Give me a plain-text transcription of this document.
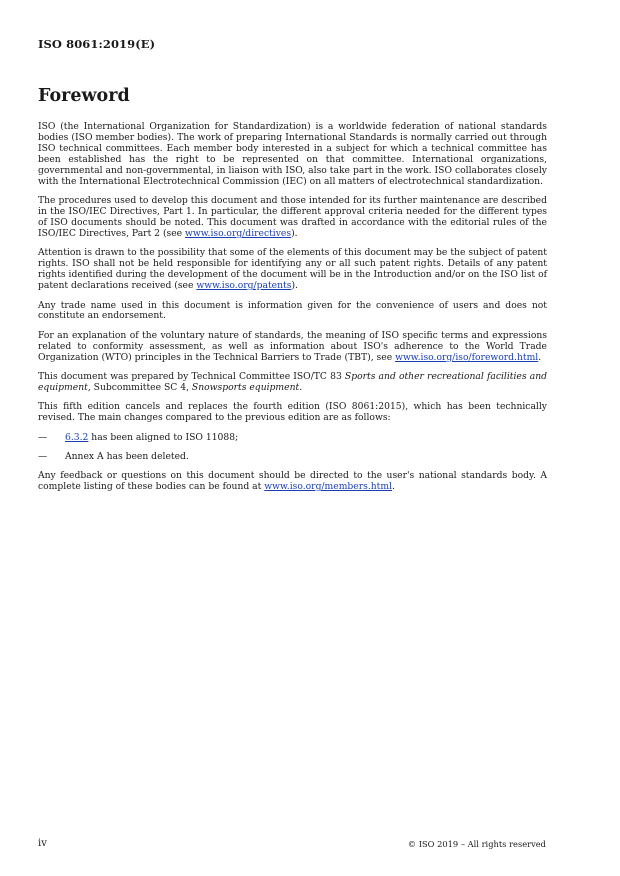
ISO 8061:2019(E)
Foreword

ISO (the International Organization for Standardization) is a worldwide federation of national standards bodies (ISO member bodies). The work of preparing International Standards is normally carried out through ISO technical committees. Each member body interested in a subject for which a technical committee has been established has the right to be represented on that committee. International organizations, governmental and non-governmental, in liaison with ISO, also take part in the work. ISO collaborates closely with the International Electrotechnical Commission (IEC) on all matters of electrotechnical standardization.

The procedures used to develop this document and those intended for its further maintenance are described in the ISO/IEC Directives, Part 1. In particular, the different approval criteria needed for the different types of ISO documents should be noted. This document was drafted in accordance with the editorial rules of the ISO/IEC Directives, Part 2 (see www.iso.org/directives).

Attention is drawn to the possibility that some of the elements of this document may be the subject of patent rights. ISO shall not be held responsible for identifying any or all such patent rights. Details of any patent rights identified during the development of the document will be in the Introduction and/or on the ISO list of patent declarations received (see www.iso.org/patents).

Any trade name used in this document is information given for the convenience of users and does not constitute an endorsement.

For an explanation of the voluntary nature of standards, the meaning of ISO specific terms and expressions related to conformity assessment, as well as information about ISO's adherence to the World Trade Organization (WTO) principles in the Technical Barriers to Trade (TBT), see www.iso.org/iso/foreword.html.

This document was prepared by Technical Committee ISO/TC 83 Sports and other recreational facilities and equipment, Subcommittee SC 4, Snowsports equipment.

This fifth edition cancels and replaces the fourth edition (ISO 8061:2015), which has been technically revised. The main changes compared to the previous edition are as follows:

—	6.3.2 has been aligned to ISO 11088;
—	Annex A has been deleted.

Any feedback or questions on this document should be directed to the user's national standards body. A complete listing of these bodies can be found at www.iso.org/members.html.

iv	© ISO 2019 – All rights reserved
